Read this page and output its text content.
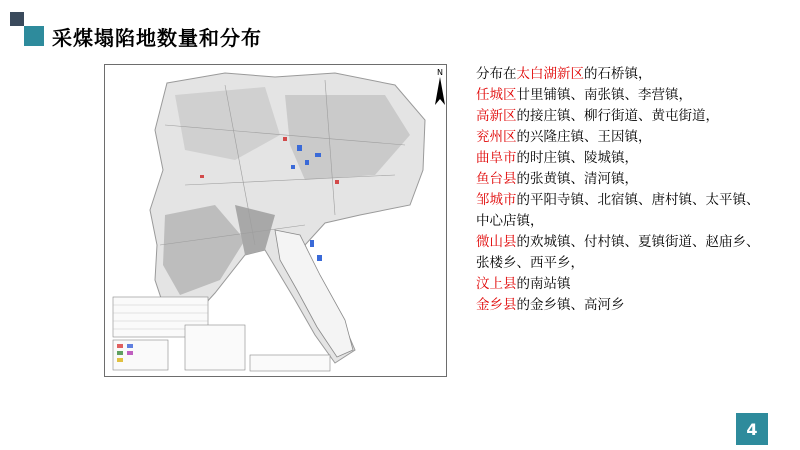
采煤塌陷地数量和分布
N 分布在太白湖新区的石桥镇，
任城区廿里铺镇、南张镇、李营镇，
高新区的接庄镇、柳行街道、黄屯街道，
兖州区的兴隆庄镇、王因镇，
曲阜市的时庄镇、陵城镇，
鱼台县的张黄镇、清河镇，
邹城市的平阳寺镇、北宿镇、唐村镇、太平镇、中心店镇，
微山县的欢城镇、付村镇、夏镇街道、赵庙乡、张楼乡、西平乡，
汶上县的南站镇
金乡县的金乡镇、高河乡
4
